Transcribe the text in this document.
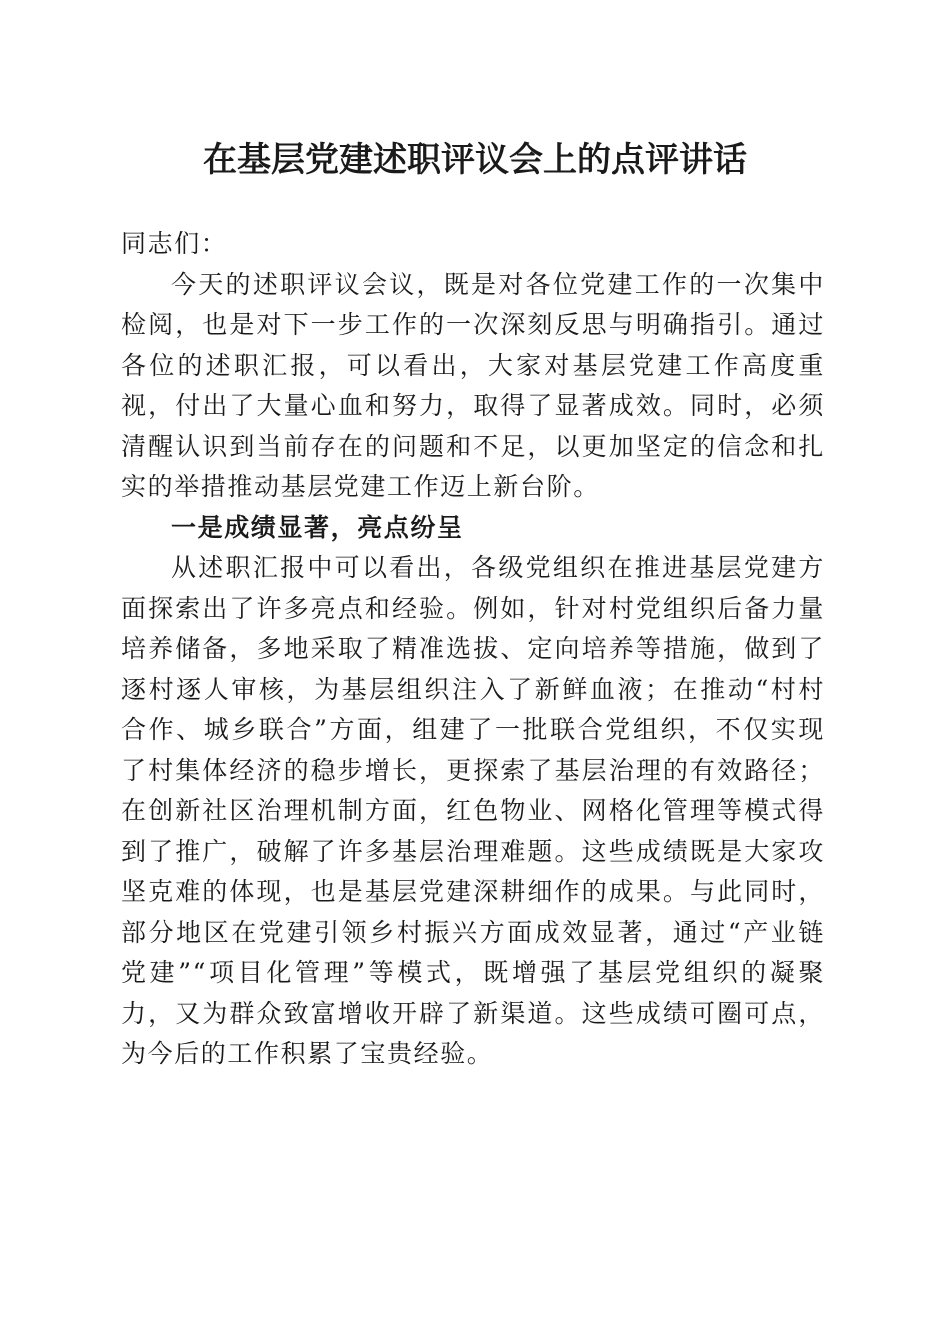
在基层党建述职评议会上的点评讲话

同志们：

今天的述职评议会议，既是对各位党建工作的一次集中检阅，也是对下一步工作的一次深刻反思与明确指引。通过各位的述职汇报，可以看出，大家对基层党建工作高度重视，付出了大量心血和努力，取得了显著成效。同时，必须清醒认识到当前存在的问题和不足，以更加坚定的信念和扎实的举措推动基层党建工作迈上新台阶。

一是成绩显著，亮点纷呈

从述职汇报中可以看出，各级党组织在推进基层党建方面探索出了许多亮点和经验。例如，针对村党组织后备力量培养储备，多地采取了精准选拔、定向培养等措施，做到了逐村逐人审核，为基层组织注入了新鲜血液；在推动“村村合作、城乡联合”方面，组建了一批联合党组织，不仅实现了村集体经济的稳步增长，更探索了基层治理的有效路径；在创新社区治理机制方面，红色物业、网格化管理等模式得到了推广，破解了许多基层治理难题。这些成绩既是大家攻坚克难的体现，也是基层党建深耕细作的成果。与此同时，部分地区在党建引领乡村振兴方面成效显著，通过“产业链党建”“项目化管理”等模式，既增强了基层党组织的凝聚力，又为群众致富增收开辟了新渠道。这些成绩可圈可点，为今后的工作积累了宝贵经验。
